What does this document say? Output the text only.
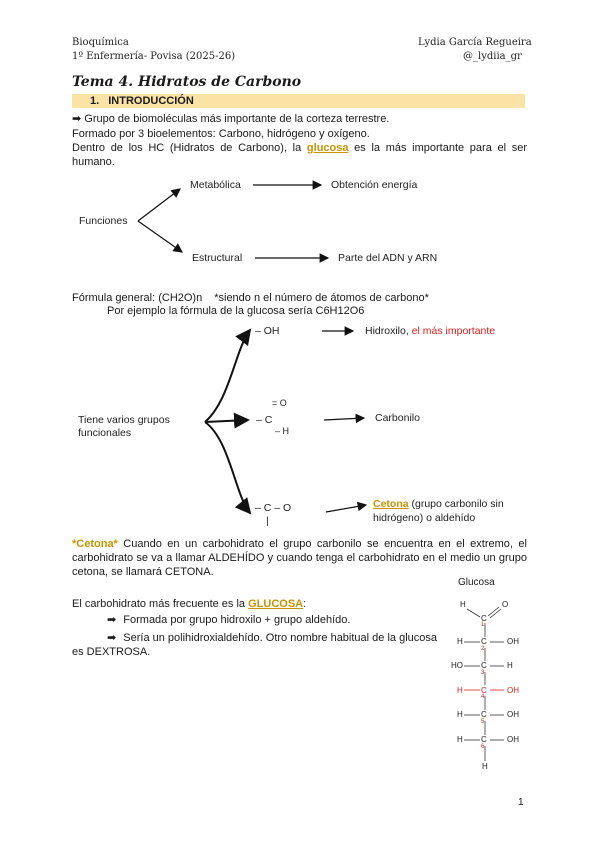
Bioquímica
1º Enfermería- Povisa (2025-26)
Lydia García Regueira
@_lydiia_gr
Tema 4. Hidratos de Carbono
1. INTRODUCCIÓN
➡ Grupo de biomoléculas más importante de la corteza terrestre.
Formado por 3 bioelementos: Carbono, hidrógeno y oxígeno.
Dentro de los HC (Hidratos de Carbono), la glucosa es la más importante para el ser humano.
Funciones
Metabólica	Obtención energía
Estructural	Parte del ADN y ARN
Fórmula general: (CH2O)n *siendo n el número de átomos de carbono*
Por ejemplo la fórmula de la glucosa sería C6H12O6
Tiene varios grupos
funcionales
– OH	Hidroxilo, el más importante
– C
= O
– H
Carbonilo
– C – O
|
Cetona (grupo carbonilo sin
hidrógeno) o aldehído
*Cetona* Cuando en un carbohidrato el grupo carbonilo se encuentra en el extremo, el carbohidrato se va a llamar ALDEHÍDO y cuando tenga el carbohidrato en el medio un grupo cetona, se llamará CETONA.
El carbohidrato más frecuente es la GLUCOSA:
➡ Formada por grupo hidroxilo + grupo aldehído.
➡ Sería un polihidroxialdehído. Otro nombre habitual de la glucosa es DEXTROSA.
Glucosa
H	O
C
1
H C
2
OH
HO C
3
H
H C
4
OH
H C
5
OH
H C
6
OH
H
1
